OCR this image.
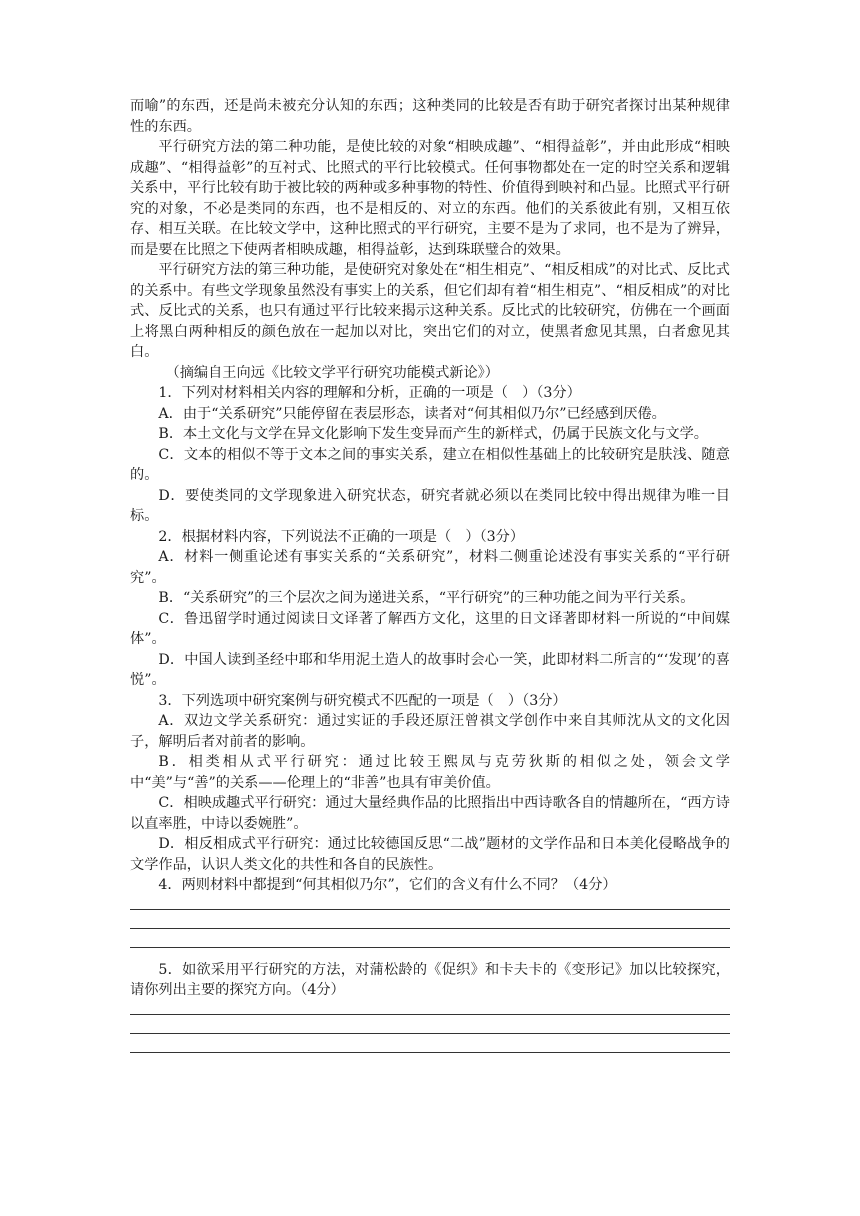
而喻”的东西，还是尚未被充分认知的东西；这种类同的比较是否有助于研究者探讨出某种规律性的东西。

平行研究方法的第二种功能，是使比较的对象“相映成趣”、“相得益彰”，并由此形成“相映成趣”、“相得益彰”的互衬式、比照式的平行比较模式。任何事物都处在一定的时空关系和逻辑关系中，平行比较有助于被比较的两种或多种事物的特性、价值得到映衬和凸显。比照式平行研究的对象，不必是类同的东西，也不是相反的、对立的东西。他们的关系彼此有别，又相互依存、相互关联。在比较文学中，这种比照式的平行研究，主要不是为了求同，也不是为了辨异，而是要在比照之下使两者相映成趣，相得益彰，达到珠联璧合的效果。

平行研究方法的第三种功能，是使研究对象处在“相生相克”、“相反相成”的对比式、反比式的关系中。有些文学现象虽然没有事实上的关系，但它们却有着“相生相克”、“相反相成”的对比式、反比式的关系，也只有通过平行比较来揭示这种关系。反比式的比较研究，仿佛在一个画面上将黑白两种相反的颜色放在一起加以对比，突出它们的对立，使黑者愈见其黑，白者愈见其白。

（摘编自王向远《比较文学平行研究功能模式新论》）

1．下列对材料相关内容的理解和分析，正确的一项是（　）（3分）

A．由于“关系研究”只能停留在表层形态，读者对“何其相似乃尔”已经感到厌倦。

B．本土文化与文学在异文化影响下发生变异而产生的新样式，仍属于民族文化与文学。

C．文本的相似不等于文本之间的事实关系，建立在相似性基础上的比较研究是肤浅、随意的。

D．要使类同的文学现象进入研究状态，研究者就必须以在类同比较中得出规律为唯一目标。

2．根据材料内容，下列说法不正确的一项是（　）（3分）

A．材料一侧重论述有事实关系的“关系研究”，材料二侧重论述没有事实关系的“平行研究”。

B．“关系研究”的三个层次之间为递进关系，“平行研究”的三种功能之间为平行关系。

C．鲁迅留学时通过阅读日文译著了解西方文化，这里的日文译著即材料一所说的“中间媒体”。

D．中国人读到圣经中耶和华用泥土造人的故事时会心一笑，此即材料二所言的“‘发现’的喜悦”。

3．下列选项中研究案例与研究模式不匹配的一项是（　）（3分）

A．双边文学关系研究：通过实证的手段还原汪曾祺文学创作中来自其师沈从文的文化因子，解明后者对前者的影响。

B．相类相从式平行研究：通过比较王熙凤与克劳狄斯的相似之处，领会文学中“美”与“善”的关系——伦理上的“非善”也具有审美价值。

C．相映成趣式平行研究：通过大量经典作品的比照指出中西诗歌各自的情趣所在，“西方诗以直率胜，中诗以委婉胜”。

D．相反相成式平行研究：通过比较德国反思“二战”题材的文学作品和日本美化侵略战争的文学作品，认识人类文化的共性和各自的民族性。

4．两则材料中都提到“何其相似乃尔”，它们的含义有什么不同？（4分）

5．如欲采用平行研究的方法，对蒲松龄的《促织》和卡夫卡的《变形记》加以比较探究，请你列出主要的探究方向。（4分）
